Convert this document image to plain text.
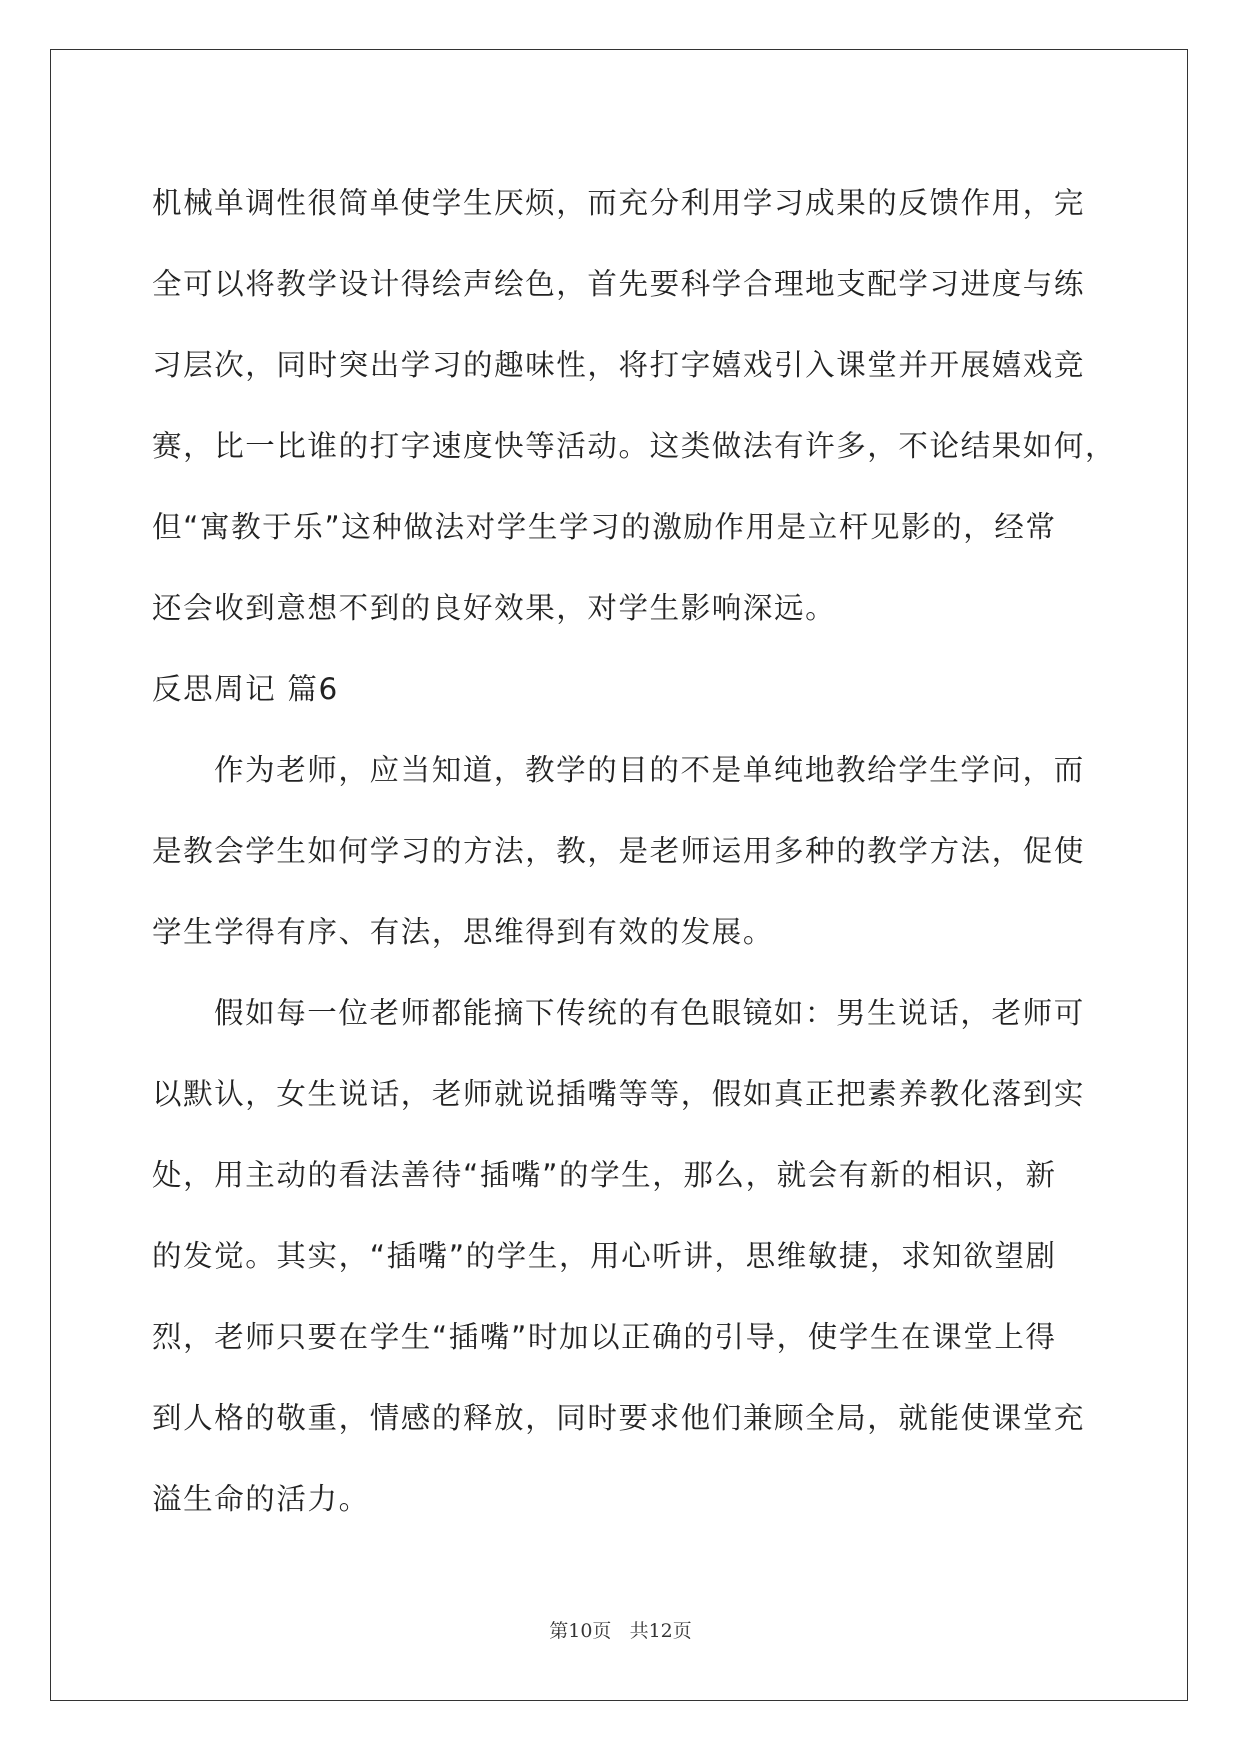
机械单调性很简单使学生厌烦，而充分利用学习成果的反馈作用，完
全可以将教学设计得绘声绘色，首先要科学合理地支配学习进度与练
习层次，同时突出学习的趣味性，将打字嬉戏引入课堂并开展嬉戏竞
赛，比一比谁的打字速度快等活动。这类做法有许多，不论结果如何，
但“寓教于乐”这种做法对学生学习的激励作用是立杆见影的，经常
还会收到意想不到的良好效果，对学生影响深远。
反思周记 篇6
作为老师，应当知道，教学的目的不是单纯地教给学生学问，而
是教会学生如何学习的方法，教，是老师运用多种的教学方法，促使
学生学得有序、有法，思维得到有效的发展。
假如每一位老师都能摘下传统的有色眼镜如：男生说话，老师可
以默认，女生说话，老师就说插嘴等等，假如真正把素养教化落到实
处，用主动的看法善待“插嘴”的学生，那么，就会有新的相识，新
的发觉。其实，“插嘴”的学生，用心听讲，思维敏捷，求知欲望剧
烈，老师只要在学生“插嘴”时加以正确的引导，使学生在课堂上得
到人格的敬重，情感的释放，同时要求他们兼顾全局，就能使课堂充
溢生命的活力。
第10页 共12页
